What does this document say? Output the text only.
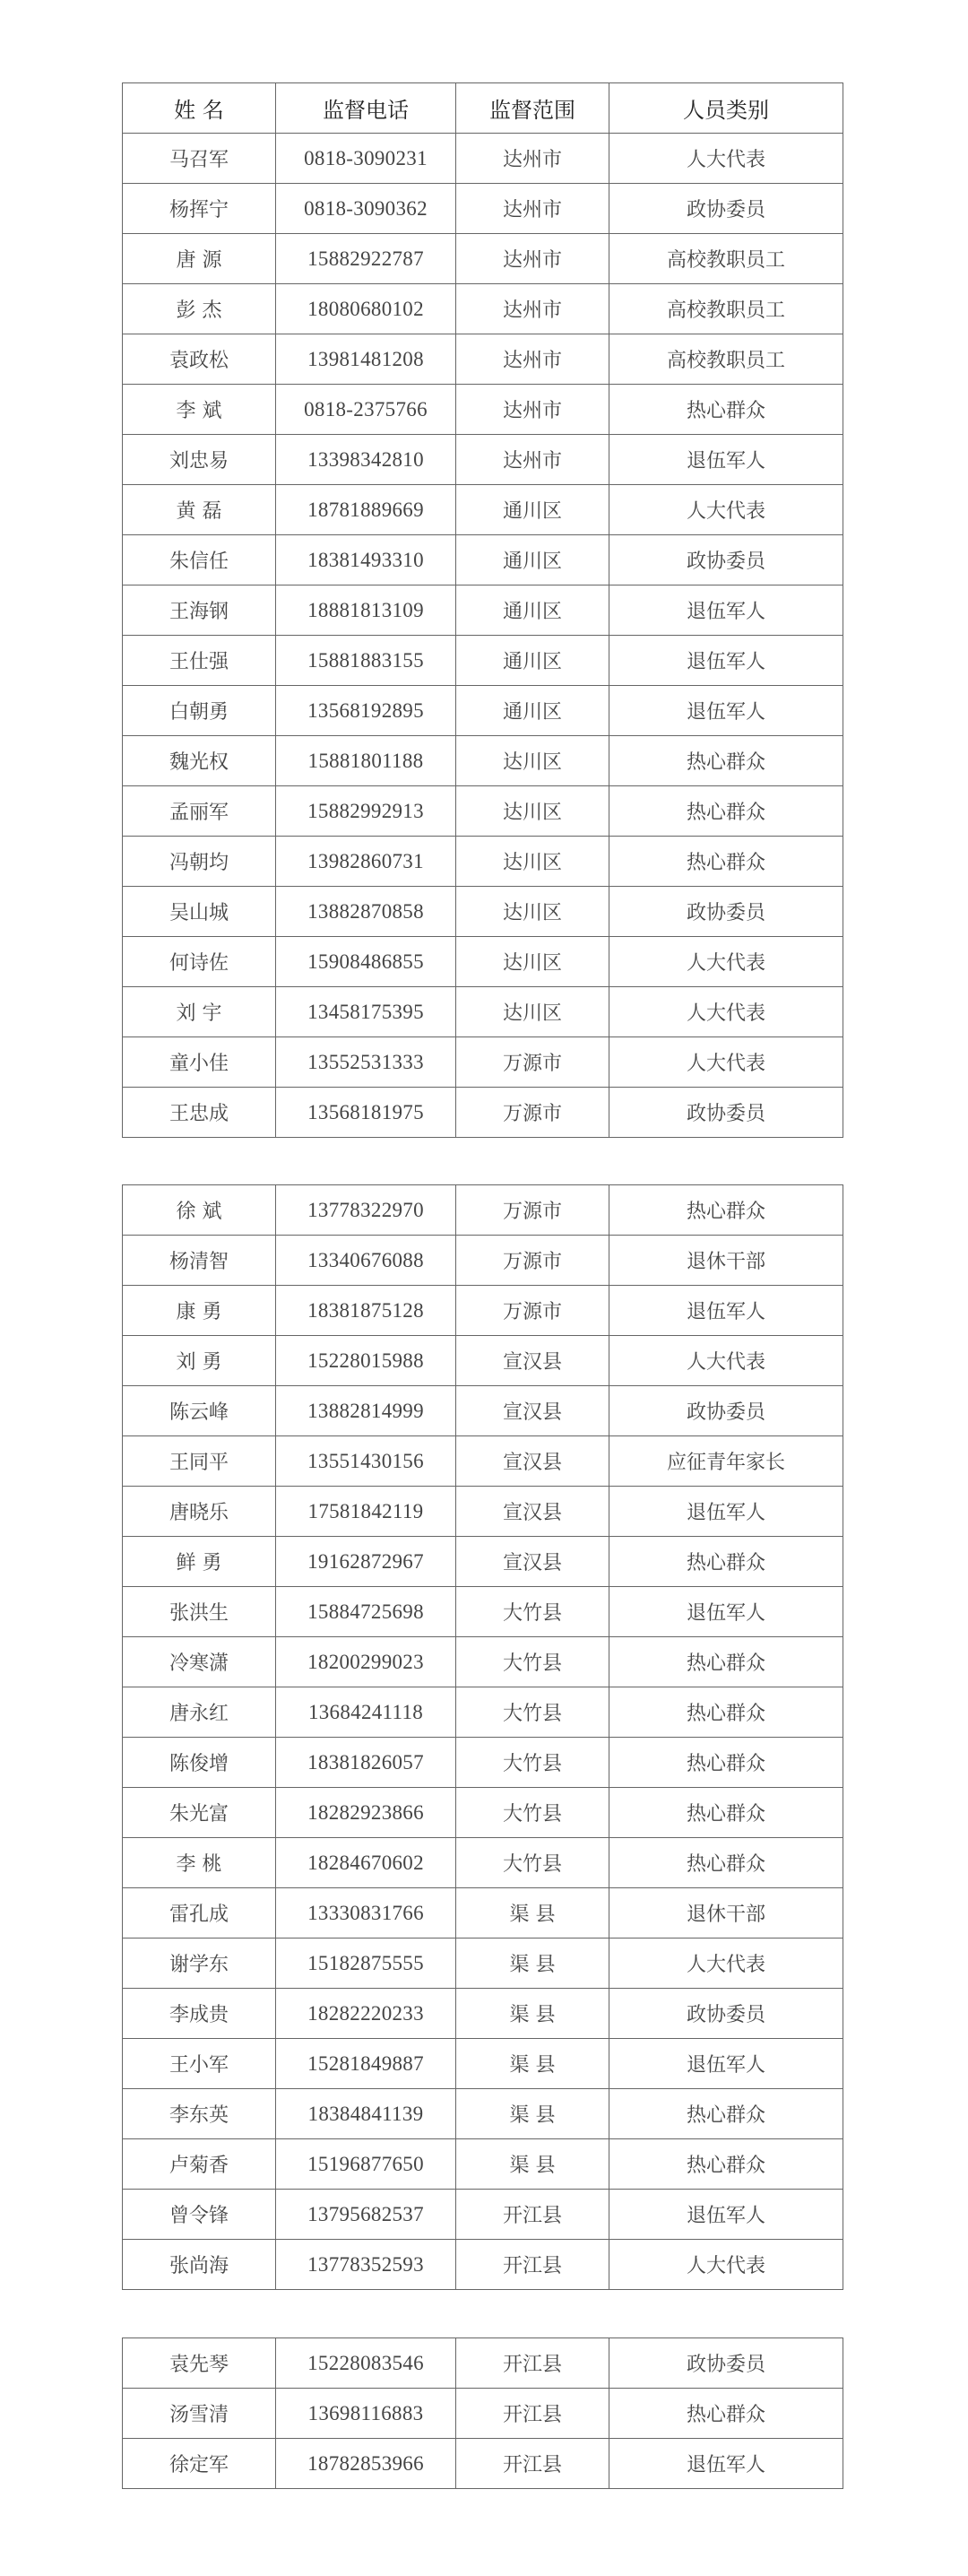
姓 名	监督电话	监督范围	人员类别
马召军	0818-3090231	达州市	人大代表
杨挥宁	0818-3090362	达州市	政协委员
唐 源	15882922787	达州市	高校教职员工
彭 杰	18080680102	达州市	高校教职员工
袁政松	13981481208	达州市	高校教职员工
李 斌	0818-2375766	达州市	热心群众
刘忠易	13398342810	达州市	退伍军人
黄 磊	18781889669	通川区	人大代表
朱信任	18381493310	通川区	政协委员
王海钢	18881813109	通川区	退伍军人
王仕强	15881883155	通川区	退伍军人
白朝勇	13568192895	通川区	退伍军人
魏光权	15881801188	达川区	热心群众
孟丽军	15882992913	达川区	热心群众
冯朝均	13982860731	达川区	热心群众
吴山城	13882870858	达川区	政协委员
何诗佐	15908486855	达川区	人大代表
刘 宇	13458175395	达川区	人大代表
童小佳	13552531333	万源市	人大代表
王忠成	13568181975	万源市	政协委员
徐 斌	13778322970	万源市	热心群众
杨清智	13340676088	万源市	退休干部
康 勇	18381875128	万源市	退伍军人
刘 勇	15228015988	宣汉县	人大代表
陈云峰	13882814999	宣汉县	政协委员
王同平	13551430156	宣汉县	应征青年家长
唐晓乐	17581842119	宣汉县	退伍军人
鲜 勇	19162872967	宣汉县	热心群众
张洪生	15884725698	大竹县	退伍军人
冷寒潇	18200299023	大竹县	热心群众
唐永红	13684241118	大竹县	热心群众
陈俊增	18381826057	大竹县	热心群众
朱光富	18282923866	大竹县	热心群众
李 桃	18284670602	大竹县	热心群众
雷孔成	13330831766	渠 县	退休干部
谢学东	15182875555	渠 县	人大代表
李成贵	18282220233	渠 县	政协委员
王小军	15281849887	渠 县	退伍军人
李东英	18384841139	渠 县	热心群众
卢菊香	15196877650	渠 县	热心群众
曾令锋	13795682537	开江县	退伍军人
张尚海	13778352593	开江县	人大代表
袁先琴	15228083546	开江县	政协委员
汤雪清	13698116883	开江县	热心群众
徐定军	18782853966	开江县	退伍军人
